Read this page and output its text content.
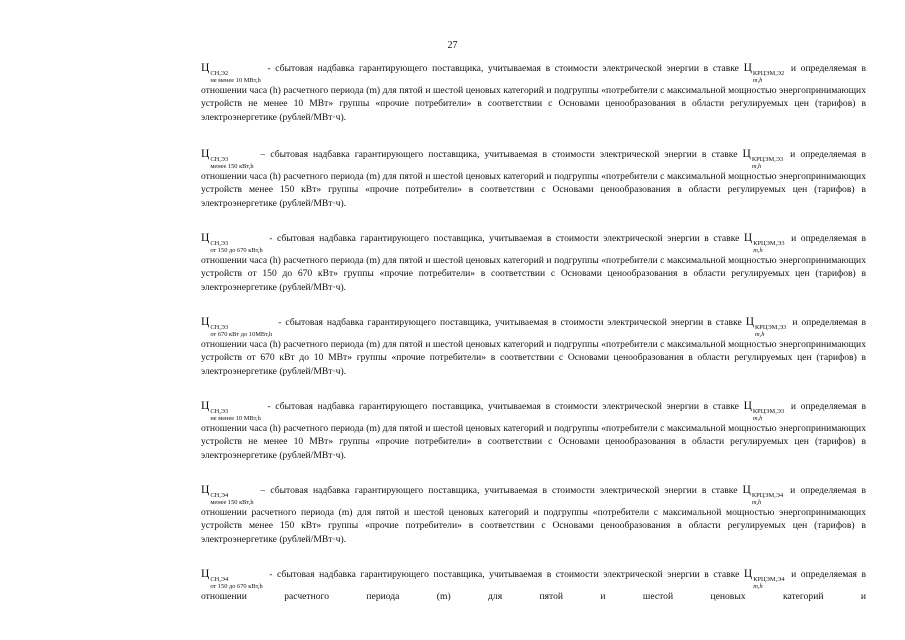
27

Ц СН,Э2
не менее 10 МВт,h
- сбытовая надбавка гарантирующего поставщика, учитываемая в стоимости электрической энергии в ставке Ц КРЦЭМ,Э2
m,h
и определяемая в отношении часа (h) расчетного периода (m) для пятой и шестой ценовых категорий и подгруппы «потребители с максимальной мощностью энергопринимающих устройств не менее 10 МВт» группы «прочие потребители» в соответствии с Основами ценообразования в области регулируемых цен (тарифов) в электроэнергетике (рублей/МВт·ч).

Ц СН,Э3
менее 150 кВт,h
– сбытовая надбавка гарантирующего поставщика, учитываемая в стоимости электрической энергии в ставке Ц КРЦЭМ,Э3
m,h
и определяемая в отношении часа (h) расчетного периода (m) для пятой и шестой ценовых категорий и подгруппы «потребители с максимальной мощностью энергопринимающих устройств менее 150 кВт» группы «прочие потребители» в соответствии с Основами ценообразования в области регулируемых цен (тарифов) в электроэнергетике (рублей/МВт·ч).

Ц СН,Э3
от 150 до 670 кВт,h
- сбытовая надбавка гарантирующего поставщика, учитываемая в стоимости электрической энергии в ставке Ц КРЦЭМ,Э3
m,h
и определяемая в отношении часа (h) расчетного периода (m) для пятой и шестой ценовых категорий и подгруппы «потребители с максимальной мощностью энергопринимающих устройств от 150 до 670 кВт» группы «прочие потребители» в соответствии с Основами ценообразования в области регулируемых цен (тарифов) в электроэнергетике (рублей/МВт·ч).

Ц СН,Э3
от 670 кВт до 10МВт,h
- сбытовая надбавка гарантирующего поставщика, учитываемая в стоимости электрической энергии в ставке Ц КРЦЭМ,Э3
m,h
и определяемая в отношении часа (h) расчетного периода (m) для пятой и шестой ценовых категорий и подгруппы «потребители с максимальной мощностью энергопринимающих устройств от 670 кВт до 10 МВт» группы «прочие потребители» в соответствии с Основами ценообразования в области регулируемых цен (тарифов) в электроэнергетике (рублей/МВт·ч).

Ц СН,Э3
не менее 10 МВт,h
- сбытовая надбавка гарантирующего поставщика, учитываемая в стоимости электрической энергии в ставке Ц КРЦЭМ,Э3
m,h
и определяемая в отношении часа (h) расчетного периода (m) для пятой и шестой ценовых категорий и подгруппы «потребители с максимальной мощностью энергопринимающих устройств не менее 10 МВт» группы «прочие потребители» в соответствии с Основами ценообразования в области регулируемых цен (тарифов) в электроэнергетике (рублей/МВт·ч).

Ц СН,Э4
менее 150 кВт,h
– сбытовая надбавка гарантирующего поставщика, учитываемая в стоимости электрической энергии в ставке Ц КРЦЭМ,Э4
m,h
и определяемая в отношении расчетного периода (m) для пятой и шестой ценовых категорий и подгруппы «потребители с максимальной мощностью энергопринимающих устройств менее 150 кВт» группы «прочие потребители» в соответствии с Основами ценообразования в области регулируемых цен (тарифов) в электроэнергетике (рублей/МВт·ч).

Ц СН,Э4
от 150 до 670 кВт,h
- сбытовая надбавка гарантирующего поставщика, учитываемая в стоимости электрической энергии в ставке Ц КРЦЭМ,Э4
m,h
и определяемая в отношении расчетного периода (m) для пятой и шестой ценовых категорий и
